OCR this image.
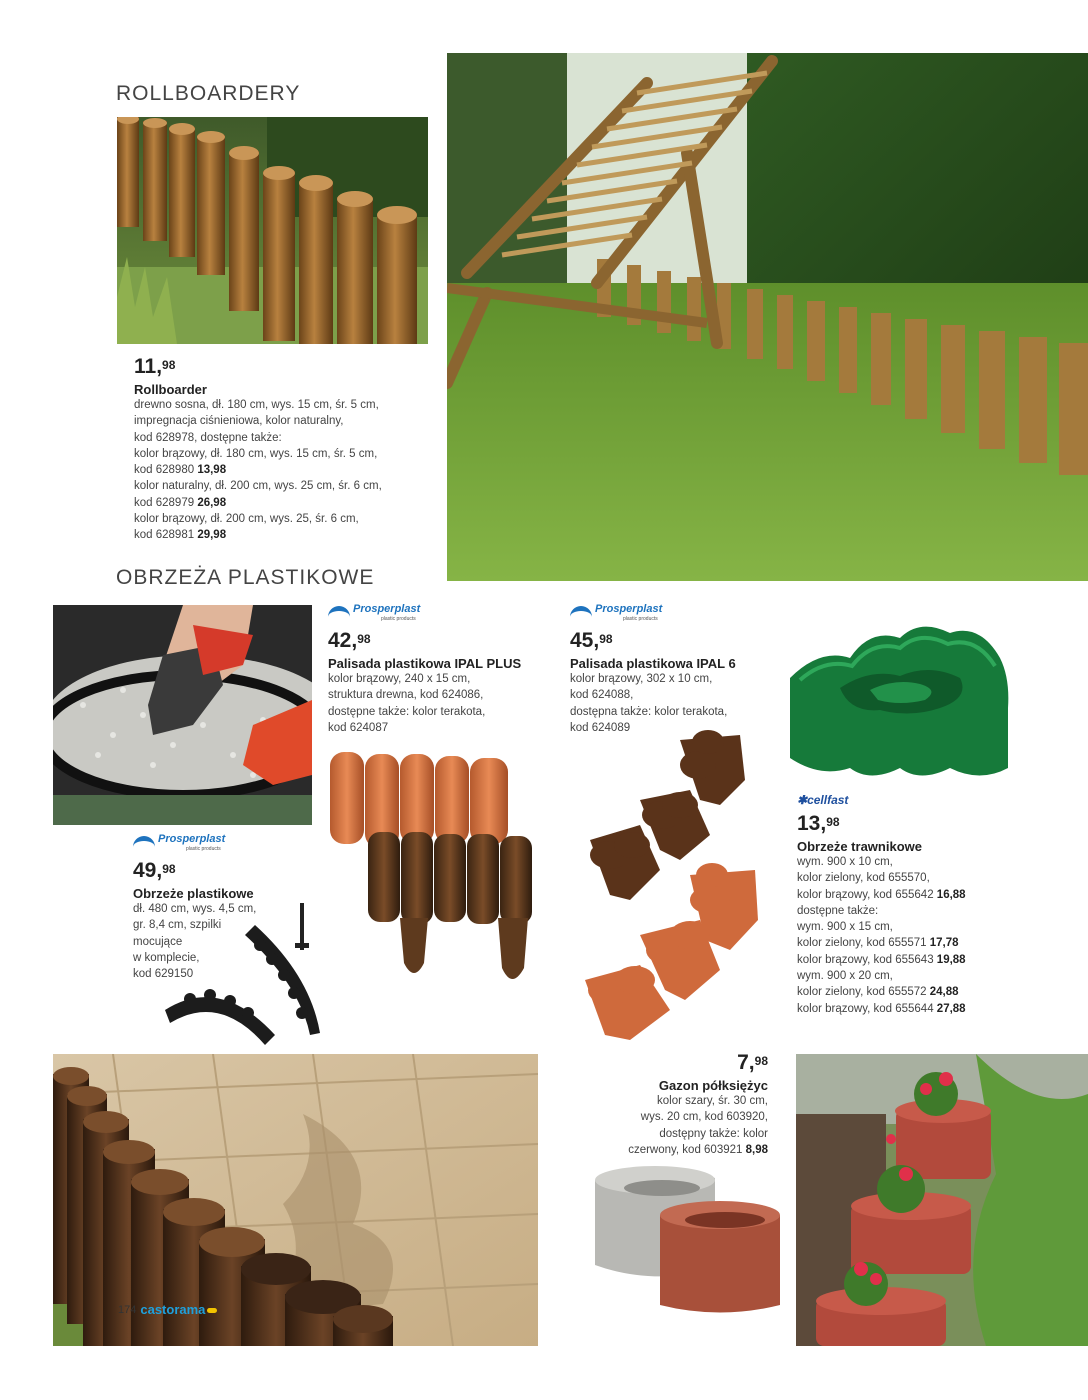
ROLLBOARDERY
11,98
Rollboarder
drewno sosna, dł. 180 cm, wys. 15 cm, śr. 5 cm,
impregnacja ciśnieniowa, kolor naturalny,
kod 628978, dostępne także:
kolor brązowy, dł. 180 cm, wys. 15 cm, śr. 5 cm,
kod 628980 13,98
kolor naturalny, dł. 200 cm, wys. 25 cm, śr. 6 cm,
kod 628979 26,98
kolor brązowy, dł. 200 cm, wys. 25, śr. 6 cm,
kod 628981 29,98
OBRZEŻA PLASTIKOWE
Prosperplast
plastic products
49,98
Obrzeże plastikowe
dł. 480 cm, wys. 4,5 cm,
gr. 8,4 cm, szpilki
mocujące
w komplecie,
kod 629150
Prosperplast
plastic products
42,98
Palisada plastikowa IPAL PLUS
kolor brązowy, 240 x 15 cm,
struktura drewna, kod 624086,
dostępne także: kolor terakota,
kod 624087
Prosperplast
plastic products
45,98
Palisada plastikowa IPAL 6
kolor brązowy, 302 x 10 cm,
kod 624088,
dostępna także: kolor terakota,
kod 624089
✱cellfast
13,98
Obrzeże trawnikowe
wym. 900 x 10 cm,
kolor zielony, kod 655570,
kolor brązowy, kod 655642 16,88
dostępne także:
wym. 900 x 15 cm,
kolor zielony, kod 655571 17,78
kolor brązowy, kod 655643 19,88
wym. 900 x 20 cm,
kolor zielony, kod 655572 24,88
kolor brązowy, kod 655644 27,88
174 castorama
7,98
Gazon półksiężyc
kolor szary, śr. 30 cm,
wys. 20 cm, kod 603920,
dostępny także: kolor
czerwony, kod 603921 8,98
